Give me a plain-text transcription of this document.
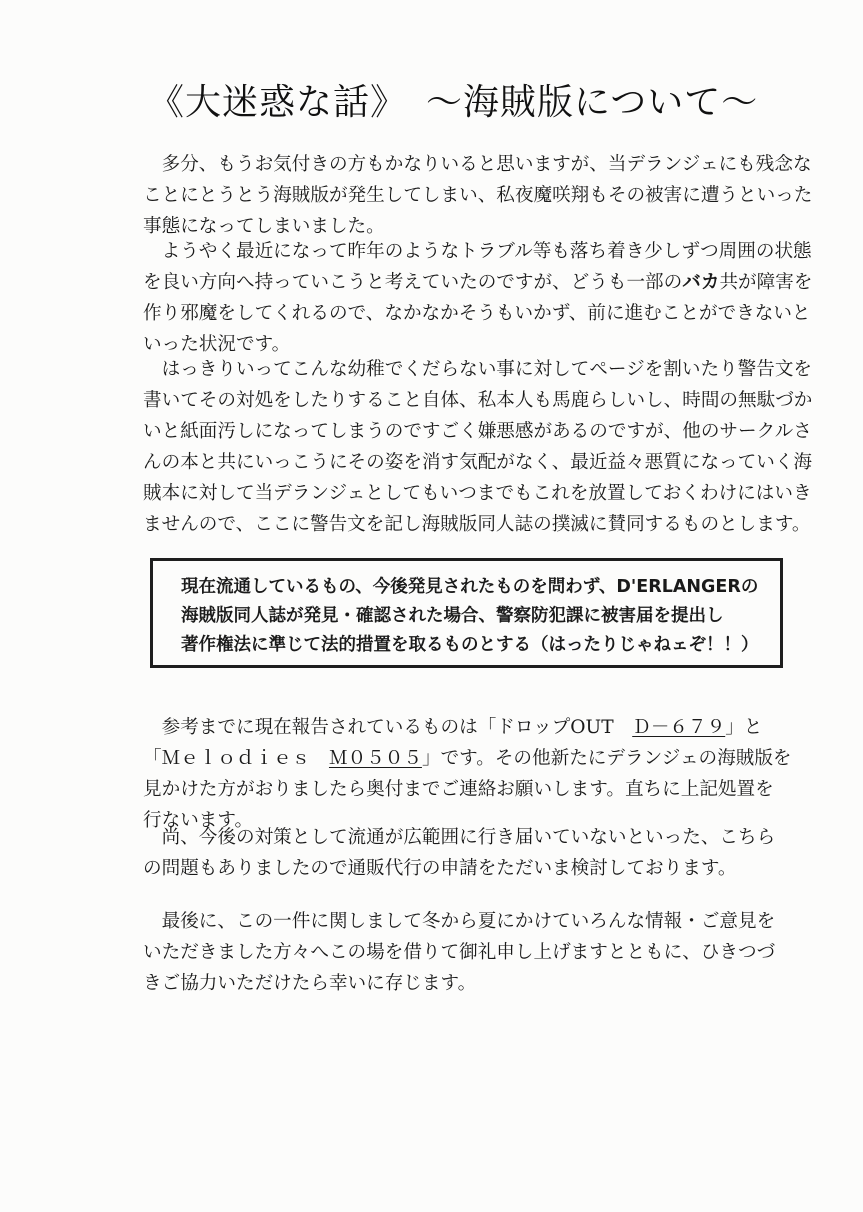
《大迷惑な話》　～海賊版について～

　多分、もうお気付きの方もかなりいると思いますが、当デランジェにも残念な
ことにとうとう海賊版が発生してしまい、私夜魔咲翔もその被害に遭うといった
事態になってしまいました。

　ようやく最近になって昨年のようなトラブル等も落ち着き少しずつ周囲の状態
を良い方向へ持っていこうと考えていたのですが、どうも一部のバカ共が障害を
作り邪魔をしてくれるので、なかなかそうもいかず、前に進むことができないと
いった状況です。

　はっきりいってこんな幼稚でくだらない事に対してページを割いたり警告文を
書いてその対処をしたりすること自体、私本人も馬鹿らしいし、時間の無駄づか
いと紙面汚しになってしまうのですごく嫌悪感があるのですが、他のサークルさ
んの本と共にいっこうにその姿を消す気配がなく、最近益々悪質になっていく海
賊本に対して当デランジェとしてもいつまでもこれを放置しておくわけにはいき
ませんので、ここに警告文を記し海賊版同人誌の撲滅に賛同するものとします。

現在流通しているもの、今後発見されたものを問わず、D'ERLANGERの
海賊版同人誌が発見・確認された場合、警察防犯課に被害届を提出し
著作権法に準じて法的措置を取るものとする（はったりじゃねェぞ！！）

　参考までに現在報告されているものは「ドロップOUT　 Ｄ－６７９」と
「Ｍｅｌｏｄｉｅｓ　 Ｍ０５０５」です。その他新たにデランジェの海賊版を
見かけた方がおりましたら奥付までご連絡お願いします。直ちに上記処置を
行ないます。

　尚、今後の対策として流通が広範囲に行き届いていないといった、こちら
の問題もありましたので通販代行の申請をただいま検討しております。

　最後に、この一件に関しまして冬から夏にかけていろんな情報・ご意見を
いただきました方々へこの場を借りて御礼申し上げますとともに、ひきつづ
きご協力いただけたら幸いに存じます。
